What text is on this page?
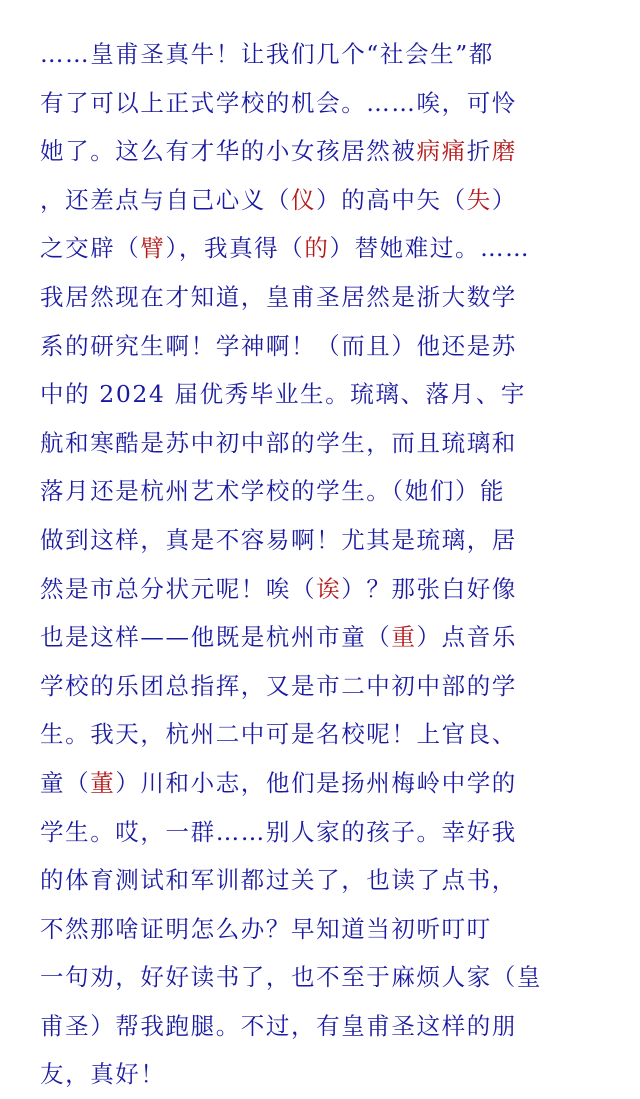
……皇甫圣真牛！让我们几个“社会生”都
有了可以上正式学校的机会。……唉，可怜
她了。这么有才华的小女孩居然被病痛折磨
，还差点与自己心义（仪）的高中矢（失）
之交辟（臂），我真得（的）替她难过。……
我居然现在才知道，皇甫圣居然是浙大数学
系的研究生啊！学神啊！（而且）他还是苏
中的 2024 届优秀毕业生。琉璃、落月、宇
航和寒酷是苏中初中部的学生，而且琉璃和
落月还是杭州艺术学校的学生。（她们）能
做到这样，真是不容易啊！尤其是琉璃，居
然是市总分状元呢！唉（诶）？那张白好像
也是这样——他既是杭州市童（重）点音乐
学校的乐团总指挥，又是市二中初中部的学
生。我天，杭州二中可是名校呢！上官良、
童（董）川和小志，他们是扬州梅岭中学的
学生。哎，一群……别人家的孩子。幸好我
的体育测试和军训都过关了，也读了点书，
不然那啥证明怎么办？早知道当初听叮叮
一句劝，好好读书了，也不至于麻烦人家（皇
甫圣）帮我跑腿。不过，有皇甫圣这样的朋
友，真好！
